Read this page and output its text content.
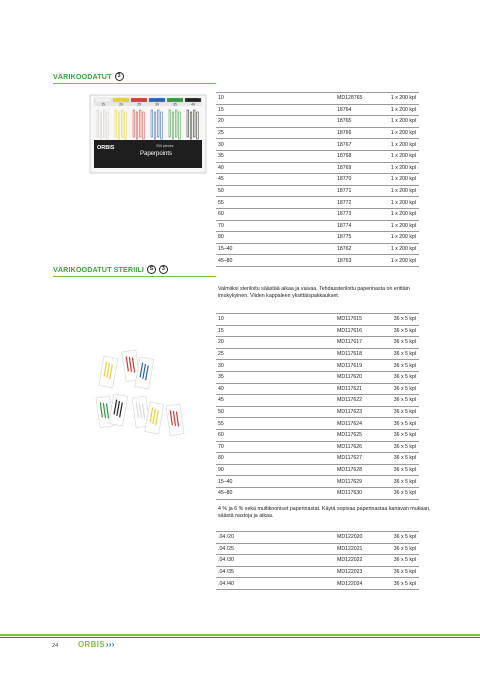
VÄRIKOODATUT	3
15	20	25	30	35	40
ORBIS	200 pieces
Paperpoints
10	MD128765	1 x 200 kpl
15	18764	1 x 200 kpl
20	18765	1 x 200 kpl
25	18766	1 x 200 kpl
30	18767	1 x 200 kpl
35	18768	1 x 200 kpl
40	18769	1 x 200 kpl
45	18770	1 x 200 kpl
50	18771	1 x 200 kpl
55	18772	1 x 200 kpl
60	18773	1 x 200 kpl
70	18774	1 x 200 kpl
80	18775	1 x 200 kpl
15–40	18762	1 x 200 kpl
45–80	18763	1 x 200 kpl
VÄRIKOODATUT STERIILI	S	3
Valmiiksi steriloitu säästää aikaa ja vaivaa. Tehdassteriloitu paperinasta on erittäin imukykyinen. Viiden kappaleen yksittäispakkaukset.
10	MD117615	36 x 5 kpl
15	MD117616	36 x 5 kpl
20	MD117617	36 x 5 kpl
25	MD117618	36 x 5 kpl
30	MD117619	36 x 5 kpl
35	MD117620	36 x 5 kpl
40	MD117621	36 x 5 kpl
45	MD117622	36 x 5 kpl
50	MD117623	36 x 5 kpl
55	MD117624	36 x 5 kpl
60	MD117625	36 x 5 kpl
70	MD117626	36 x 5 kpl
80	MD117627	36 x 5 kpl
90	MD117628	36 x 5 kpl
15–40	MD117629	36 x 5 kpl
45–80	MD117630	36 x 5 kpl
4 % ja 6 % sekä multikooniset paperinastat. Käytä sopivaa paperinastaa kanavan mukaan, säästä nastoja ja aikaa.
.04 /20	MD122020	36 x 5 kpl
.04 /25	MD122021	36 x 5 kpl
.04 /30	MD122022	36 x 5 kpl
.04 /35	MD122023	36 x 5 kpl
.04 /40	MD122024	36 x 5 kpl
24 ORBIS›››
